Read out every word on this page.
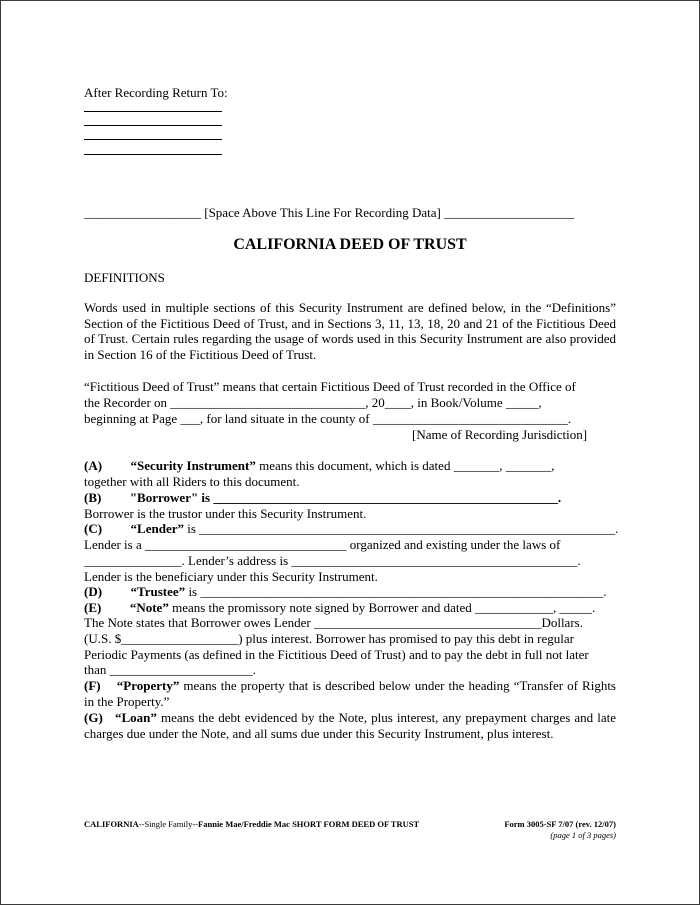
After Recording Return To:
__________________ [Space Above This Line For Recording Data] ____________________
CALIFORNIA DEED OF TRUST
DEFINITIONS
Words used in multiple sections of this Security Instrument are defined below, in the “Definitions” Section of the Fictitious Deed of Trust, and in Sections 3, 11, 13, 18, 20 and 21 of the Fictitious Deed of Trust. Certain rules regarding the usage of words used in this Security Instrument are also provided in Section 16 of the Fictitious Deed of Trust.
“Fictitious Deed of Trust” means that certain Fictitious Deed of Trust recorded in the Office of
the Recorder on ______________________________, 20____, in Book/Volume _____,
beginning at Page ___, for land situate in the county of ______________________________.
[Name of Recording Jurisdiction]
(A) “Security Instrument” means this document, which is dated _______, _______,
together with all Riders to this document.
(B) "Borrower" is _____________________________________________________.
Borrower is the trustor under this Security Instrument.
(C) “Lender” is ________________________________________________________________.
Lender is a _______________________________ organized and existing under the laws of
_______________. Lender’s address is ____________________________________________.
Lender is the beneficiary under this Security Instrument.
(D) “Trustee” is ______________________________________________________________.
(E) “Note” means the promissory note signed by Borrower and dated ____________, _____.
The Note states that Borrower owes Lender ___________________________________Dollars.
(U.S. $__________________) plus interest. Borrower has promised to pay this debt in regular
Periodic Payments (as defined in the Fictitious Deed of Trust) and to pay the debt in full not later
than ______________________.
(F) “Property” means the property that is described below under the heading “Transfer of Rights in the Property.”
(G) “Loan” means the debt evidenced by the Note, plus interest, any prepayment charges and late charges due under the Note, and all sums due under this Security Instrument, plus interest.
CALIFORNIA--Single Family--Fannie Mae/Freddie Mac SHORT FORM DEED OF TRUST	Form 3005-SF 7/07 (rev. 12/07)
(page 1 of 3 pages)
